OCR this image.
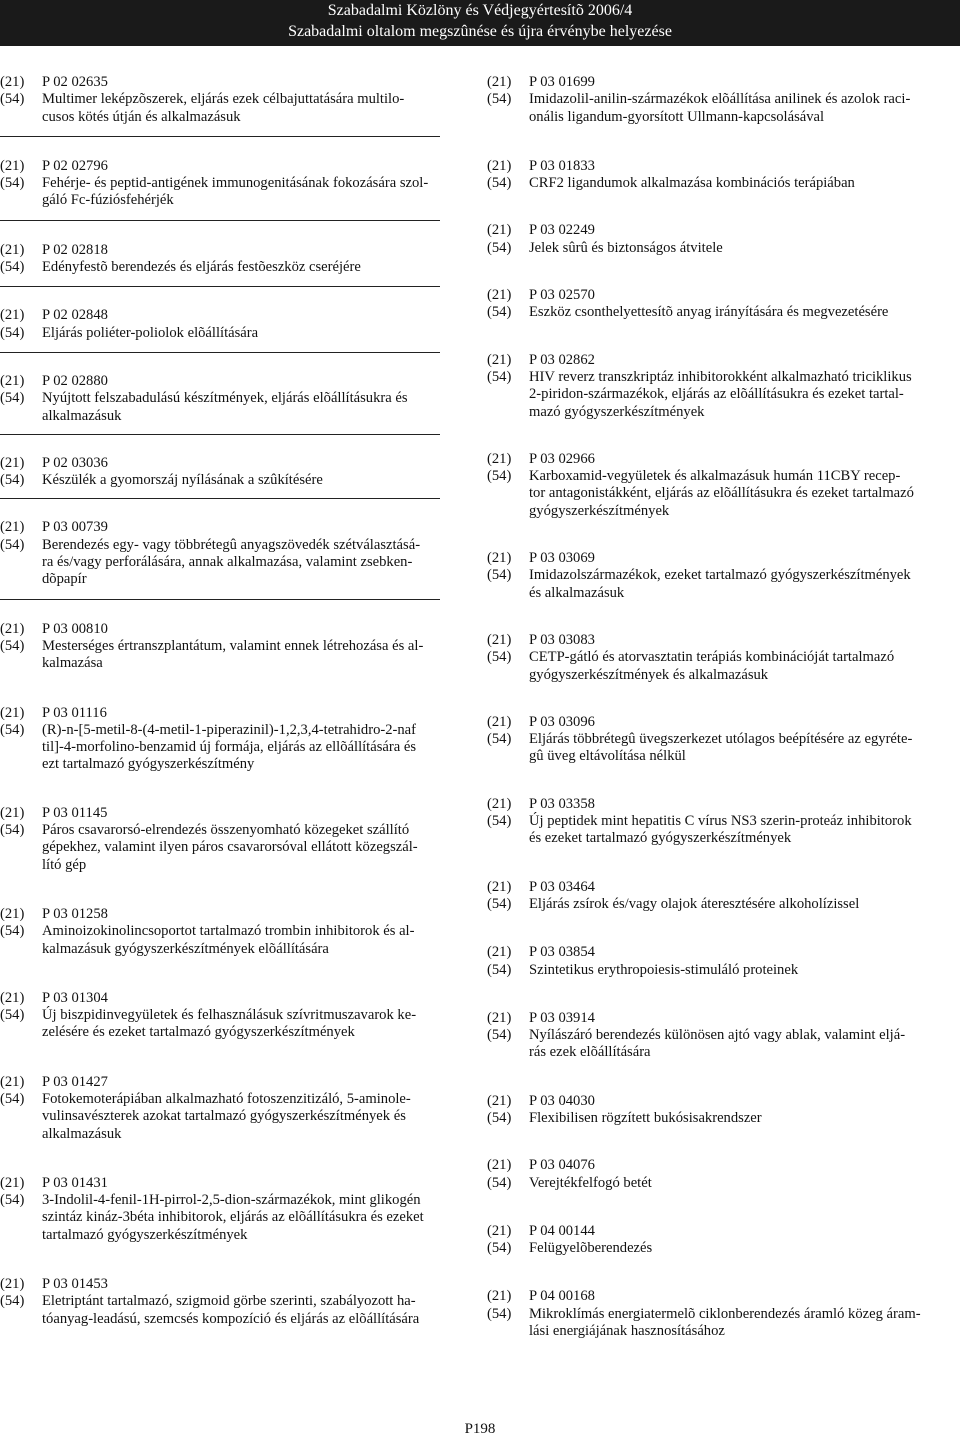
Szabadalmi Közlöny és Védjegyértesítõ 2006/4
Szabadalmi oltalom megszûnése és újra érvénybe helyezése
(21)	P 02 02635
(54)	Multimer leképzõszerek, eljárás ezek célbajuttatására multilo-
cusos kötés útján és alkalmazásuk
(21)	P 02 02796
(54)	Fehérje- és peptid-antigének immunogenitásának fokozására szol-
gáló Fc-fúziósfehérjék
(21)	P 02 02818
(54)	Edényfestõ berendezés és eljárás festõeszköz cseréjére
(21)	P 02 02848
(54)	Eljárás poliéter-poliolok elõállítására
(21)	P 02 02880
(54)	Nyújtott felszabadulású készítmények, eljárás elõállításukra és
alkalmazásuk
(21)	P 02 03036
(54)	Készülék a gyomorszáj nyílásának a szûkítésére
(21)	P 03 00739
(54)	Berendezés egy- vagy többrétegû anyagszövedék szétválasztásá-
ra és/vagy perforálására, annak alkalmazása, valamint zsebken-
dõpapír
(21)	P 03 00810
(54)	Mesterséges értranszplantátum, valamint ennek létrehozása és al-
kalmazása
(21)	P 03 01116
(54)	(R)-n-[5-metil-8-(4-metil-1-piperazinil)-1,2,3,4-tetrahidro-2-naf
til]-4-morfolino-benzamid új formája, eljárás az ellõállítására és
ezt tartalmazó gyógyszerkészítmény
(21)	P 03 01145
(54)	Páros csavarorsó-elrendezés összenyomható közegeket szállító
gépekhez, valamint ilyen páros csavarorsóval ellátott közegszál-
lító gép
(21)	P 03 01258
(54)	Aminoizokinolincsoportot tartalmazó trombin inhibitorok és al-
kalmazásuk gyógyszerkészítmények elõállítására
(21)	P 03 01304
(54)	Új biszpidinvegyületek és felhasználásuk szívritmuszavarok ke-
zelésére és ezeket tartalmazó gyógyszerkészítmények
(21)	P 03 01427
(54)	Fotokemoterápiában alkalmazható fotoszenzitizáló, 5-aminole-
vulinsavészterek azokat tartalmazó gyógyszerkészítmények és
alkalmazásuk
(21)	P 03 01431
(54)	3-Indolil-4-fenil-1H-pirrol-2,5-dion-származékok, mint glikogén
szintáz kináz-3béta inhibitorok, eljárás az elõállításukra és ezeket
tartalmazó gyógyszerkészítmények
(21)	P 03 01453
(54)	Eletriptánt tartalmazó, szigmoid görbe szerinti, szabályozott ha-
tóanyag-leadású, szemcsés kompozíció és eljárás az elõállítására
(21)	P 03 01699
(54)	Imidazolil-anilin-származékok elõállítása anilinek és azolok raci-
onális ligandum-gyorsított Ullmann-kapcsolásával
(21)	P 03 01833
(54)	CRF2 ligandumok alkalmazása kombinációs terápiában
(21)	P 03 02249
(54)	Jelek sûrû és biztonságos átvitele
(21)	P 03 02570
(54)	Eszköz csonthelyettesítõ anyag irányítására és megvezetésére
(21)	P 03 02862
(54)	HIV reverz transzkriptáz inhibitorokként alkalmazható triciklikus
2-piridon-származékok, eljárás az elõállításukra és ezeket tartal-
mazó gyógyszerkészítmények
(21)	P 03 02966
(54)	Karboxamid-vegyületek és alkalmazásuk humán 11CBY recep-
tor antagonistákként, eljárás az elõállításukra és ezeket tartalmazó
gyógyszerkészítmények
(21)	P 03 03069
(54)	Imidazolszármazékok, ezeket tartalmazó gyógyszerkészítmények
és alkalmazásuk
(21)	P 03 03083
(54)	CETP-gátló és atorvasztatin terápiás kombinációját tartalmazó
gyógyszerkészítmények és alkalmazásuk
(21)	P 03 03096
(54)	Eljárás többrétegû üvegszerkezet utólagos beépítésére az egyréte-
gû üveg eltávolítása nélkül
(21)	P 03 03358
(54)	Új peptidek mint hepatitis C vírus NS3 szerin-proteáz inhibitorok
és ezeket tartalmazó gyógyszerkészítmények
(21)	P 03 03464
(54)	Eljárás zsírok és/vagy olajok áteresztésére alkoholízissel
(21)	P 03 03854
(54)	Szintetikus erythropoiesis-stimuláló proteinek
(21)	P 03 03914
(54)	Nyílászáró berendezés különösen ajtó vagy ablak, valamint eljá-
rás ezek elõállítására
(21)	P 03 04030
(54)	Flexibilisen rögzített bukósisakrendszer
(21)	P 03 04076
(54)	Verejtékfelfogó betét
(21)	P 04 00144
(54)	Felügyelõberendezés
(21)	P 04 00168
(54)	Mikroklímás energiatermelõ ciklonberendezés áramló közeg áram-
lási energiájának hasznosításához
P198
